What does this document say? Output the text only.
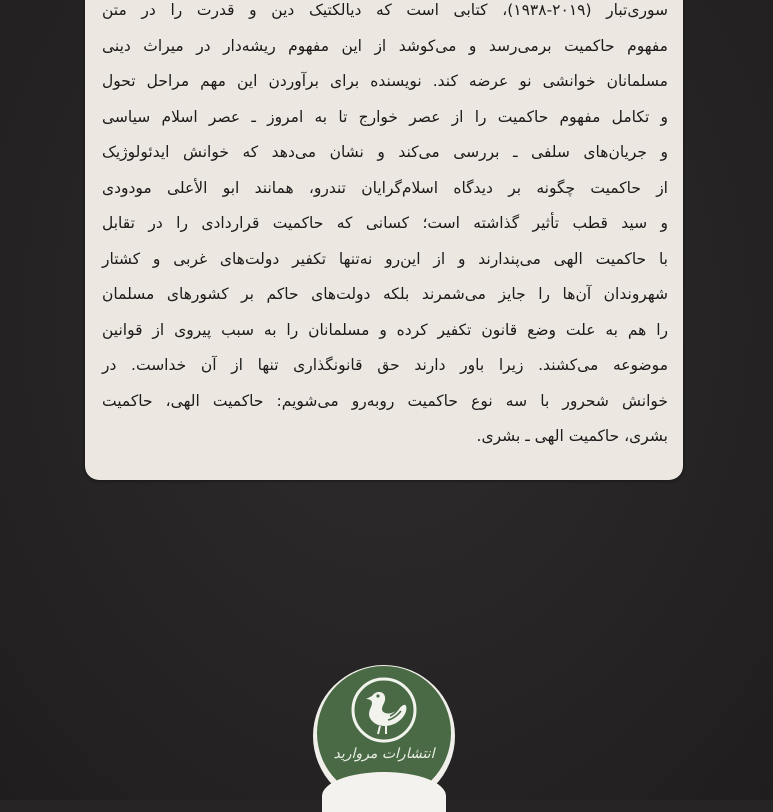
سوری‌تبار (۲۰۱۹-۱۹۳۸)، کتابی است که دیالکتیک دین و قدرت را در متن
مفهوم حاکمیت برمی‌رسد و می‌کوشد از این مفهوم ریشه‌دار در میراث دینی
مسلمانان خوانشی نو عرضه کند. نویسنده برای برآوردن این مهم مراحل تحول
و تکامل مفهوم حاکمیت را از عصر خوارج تا به امروز ـ عصر اسلام سیاسی
و جریان‌های سلفی ـ بررسی می‌کند و نشان می‌دهد که خوانش ایدئولوژیک
از حاکمیت چگونه بر دیدگاه اسلام‌گرایان تندرو، همانند ابو الأعلی مودودی
و سید قطب تأثیر گذاشته است؛ کسانی که حاکمیت قراردادی را در تقابل
با حاکمیت الهی می‌پندارند و از این‌رو نه‌تنها تکفیر دولت‌های غربی و کشتار
شهروندان آن‌ها را جایز می‌شمرند بلکه دولت‌های حاکم بر کشورهای مسلمان
را هم به علت وضع قانون تکفیر کرده و مسلمانان را به سبب پیروی از قوانین
موضوعه می‌کشند. زیرا باور دارند حق قانونگذاری تنها از آن خداست. در
خوانش شحرور با سه نوع حاکمیت روبه‌رو می‌شویم: حاکمیت الهی، حاکمیت
بشری، حاکمیت الهی ـ بشری.
انتشارات مروارید
